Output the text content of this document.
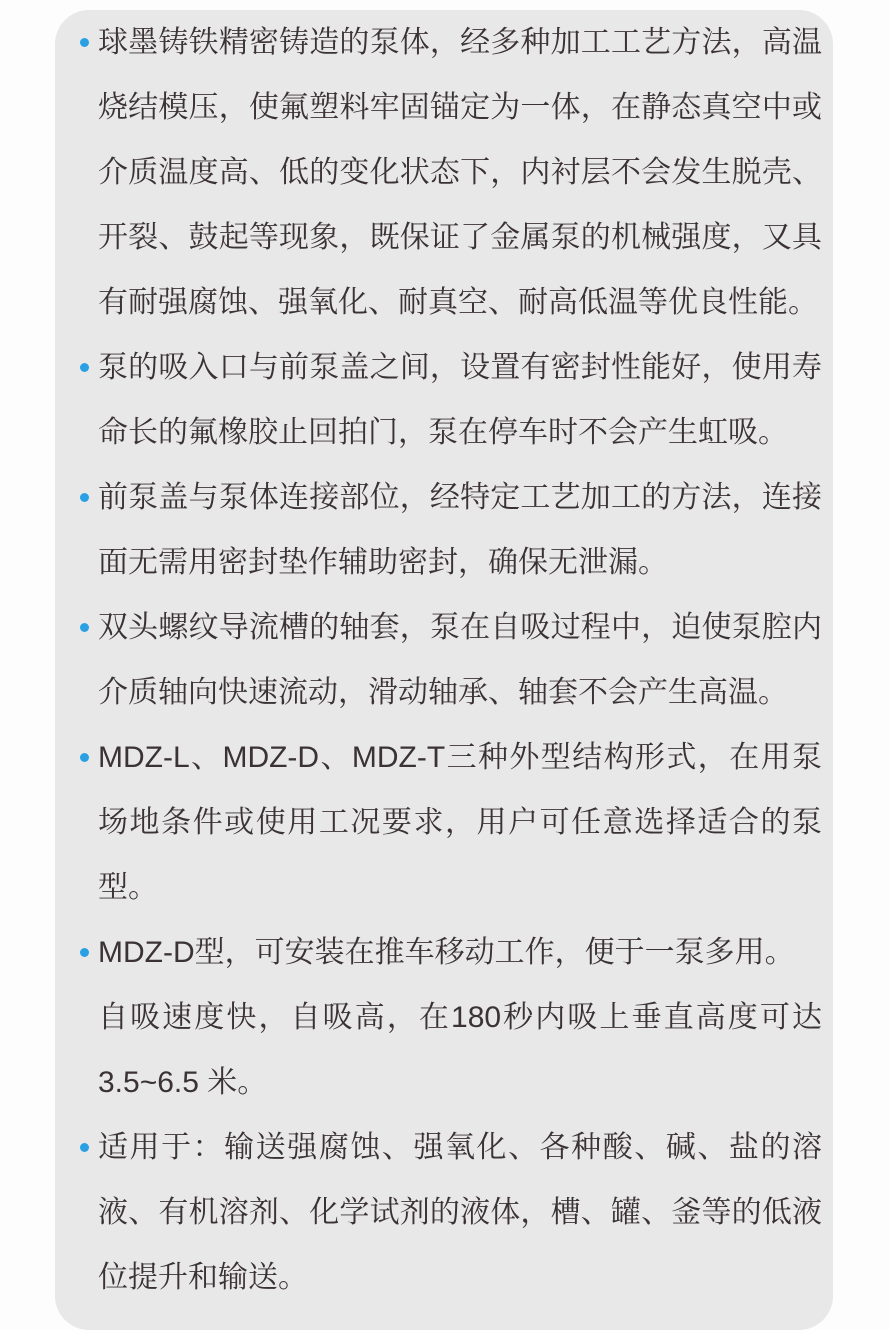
球墨铸铁精密铸造的泵体，经多种加工工艺方法，高温烧结模压，使氟塑料牢固锚定为一体，在静态真空中或介质温度高、低的变化状态下，内衬层不会发生脱壳、开裂、鼓起等现象，既保证了金属泵的机械强度，又具有耐强腐蚀、强氧化、耐真空、耐高低温等优良性能。

泵的吸入口与前泵盖之间，设置有密封性能好，使用寿命长的氟橡胶止回拍门，泵在停车时不会产生虹吸。

前泵盖与泵体连接部位，经特定工艺加工的方法，连接面无需用密封垫作辅助密封，确保无泄漏。

双头螺纹导流槽的轴套，泵在自吸过程中，迫使泵腔内介质轴向快速流动，滑动轴承、轴套不会产生高温。

MDZ-L、MDZ-D、MDZ-T三种外型结构形式，在用泵场地条件或使用工况要求，用户可任意选择适合的泵型。

MDZ-D型，可安装在推车移动工作，便于一泵多用。

自吸速度快，自吸高，在180秒内吸上垂直高度可达3.5~6.5 米。

适用于：输送强腐蚀、强氧化、各种酸、碱、盐的溶液、有机溶剂、化学试剂的液体，槽、罐、釜等的低液位提升和输送。
